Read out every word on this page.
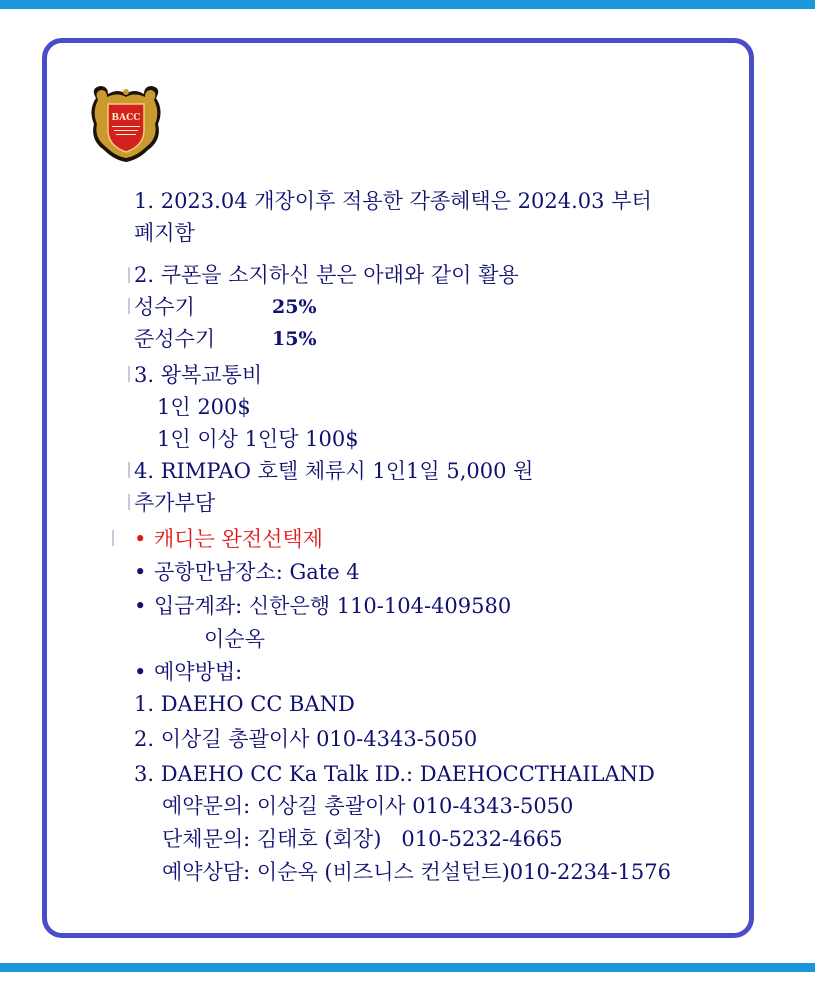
BACC
1. 2023.04 개장이후 적용한 각종혜택은 2024.03 부터
폐지함
2. 쿠폰을 소지하신 분은 아래와 같이 활용
성수기	25%
준성수기	15%
3. 왕복교통비
1인 200$
1인 이상 1인당 100$
4. RIMPAO 호텔 체류시 1인1일 5,000 원
추가부담
• 캐디는 완전선택제
• 공항만남장소: Gate 4
• 입금계좌: 신한은행 110-104-409580
이순옥
• 예약방법:
1. DAEHO CC BAND
2. 이상길 총괄이사 010-4343-5050
3. DAEHO CC Ka Talk ID.: DAEHOCCTHAILAND
예약문의: 이상길 총괄이사 010-4343-5050
단체문의: 김태호 (회장)   010-5232-4665
예약상담: 이순옥 (비즈니스 컨설턴트)010-2234-1576
